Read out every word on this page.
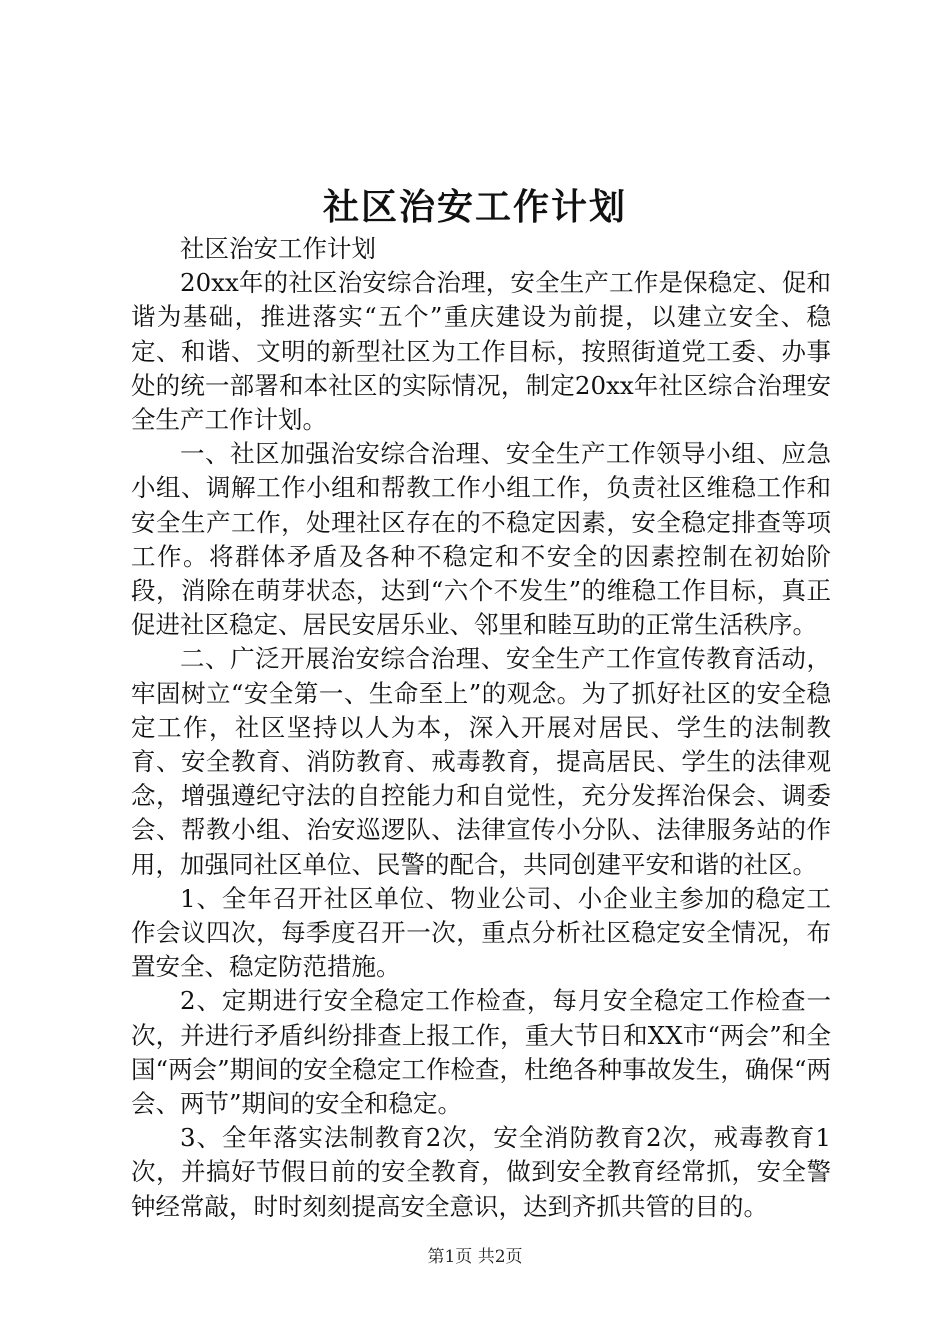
社区治安工作计划

社区治安工作计划

20xx年的社区治安综合治理，安全生产工作是保稳定、促和谐为基础，推进落实“五个”重庆建设为前提，以建立安全、稳定、和谐、文明的新型社区为工作目标，按照街道党工委、办事处的统一部署和本社区的实际情况，制定20xx年社区综合治理安全生产工作计划。

一、社区加强治安综合治理、安全生产工作领导小组、应急小组、调解工作小组和帮教工作小组工作，负责社区维稳工作和安全生产工作，处理社区存在的不稳定因素，安全稳定排查等项工作。将群体矛盾及各种不稳定和不安全的因素控制在初始阶段，消除在萌芽状态，达到“六个不发生”的维稳工作目标，真正促进社区稳定、居民安居乐业、邻里和睦互助的正常生活秩序。

二、广泛开展治安综合治理、安全生产工作宣传教育活动，牢固树立“安全第一、生命至上”的观念。为了抓好社区的安全稳定工作，社区坚持以人为本，深入开展对居民、学生的法制教育、安全教育、消防教育、戒毒教育，提高居民、学生的法律观念，增强遵纪守法的自控能力和自觉性，充分发挥治保会、调委会、帮教小组、治安巡逻队、法律宣传小分队、法律服务站的作用，加强同社区单位、民警的配合，共同创建平安和谐的社区。

1、全年召开社区单位、物业公司、小企业主参加的稳定工作会议四次，每季度召开一次，重点分析社区稳定安全情况，布置安全、稳定防范措施。

2、定期进行安全稳定工作检查，每月安全稳定工作检查一次，并进行矛盾纠纷排查上报工作，重大节日和XX市“两会”和全国“两会”期间的安全稳定工作检查，杜绝各种事故发生，确保“两会、两节”期间的安全和稳定。

3、全年落实法制教育2次，安全消防教育2次，戒毒教育1次，并搞好节假日前的安全教育，做到安全教育经常抓，安全警钟经常敲，时时刻刻提高安全意识，达到齐抓共管的目的。

第1页 共2页
